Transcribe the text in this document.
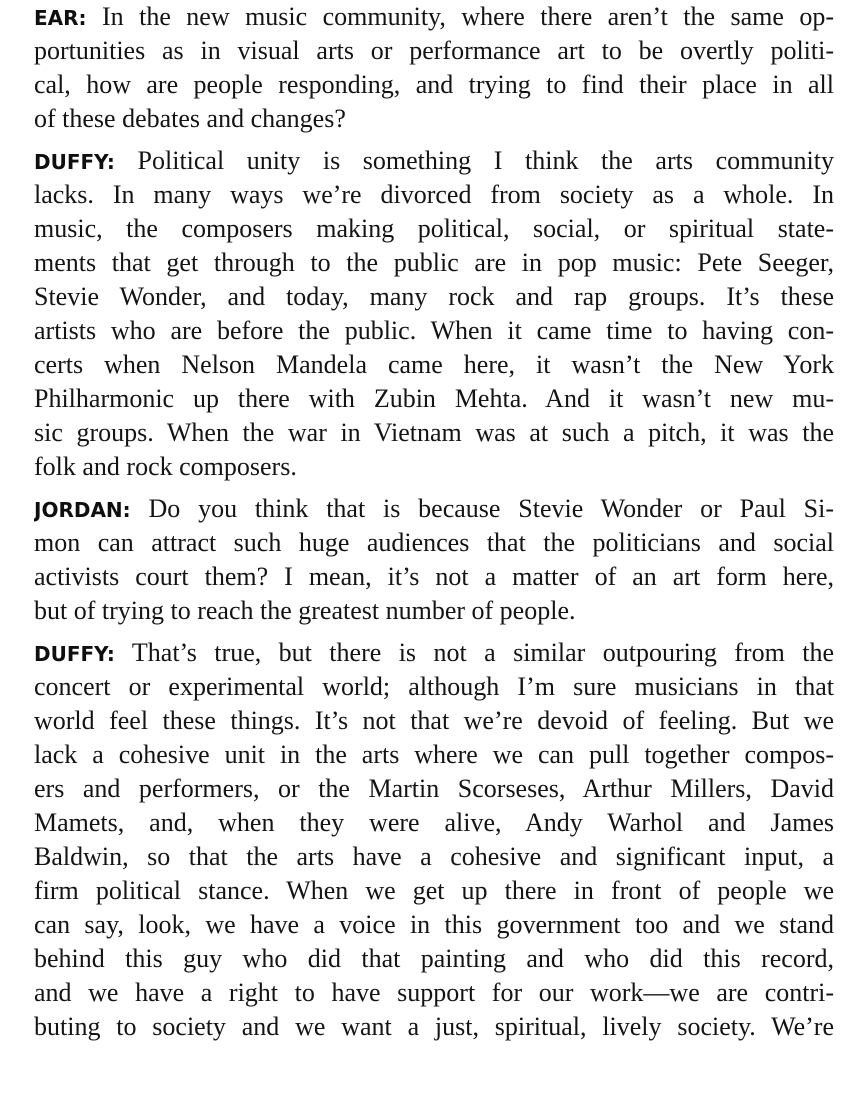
EAR: In the new music community, where there aren’t the same op-
portunities as in visual arts or performance art to be overtly politi-
cal, how are people responding, and trying to find their place in all
of these debates and changes?
DUFFY: Political unity is something I think the arts community
lacks. In many ways we’re divorced from society as a whole. In
music, the composers making political, social, or spiritual state-
ments that get through to the public are in pop music: Pete Seeger,
Stevie Wonder, and today, many rock and rap groups. It’s these
artists who are before the public. When it came time to having con-
certs when Nelson Mandela came here, it wasn’t the New York
Philharmonic up there with Zubin Mehta. And it wasn’t new mu-
sic groups. When the war in Vietnam was at such a pitch, it was the
folk and rock composers.
JORDAN: Do you think that is because Stevie Wonder or Paul Si-
mon can attract such huge audiences that the politicians and social
activists court them? I mean, it’s not a matter of an art form here,
but of trying to reach the greatest number of people.
DUFFY: That’s true, but there is not a similar outpouring from the
concert or experimental world; although I’m sure musicians in that
world feel these things. It’s not that we’re devoid of feeling. But we
lack a cohesive unit in the arts where we can pull together compos-
ers and performers, or the Martin Scorseses, Arthur Millers, David
Mamets, and, when they were alive, Andy Warhol and James
Baldwin, so that the arts have a cohesive and significant input, a
firm political stance. When we get up there in front of people we
can say, look, we have a voice in this government too and we stand
behind this guy who did that painting and who did this record,
and we have a right to have support for our work—we are contri-
buting to society and we want a just, spiritual, lively society. We’re
